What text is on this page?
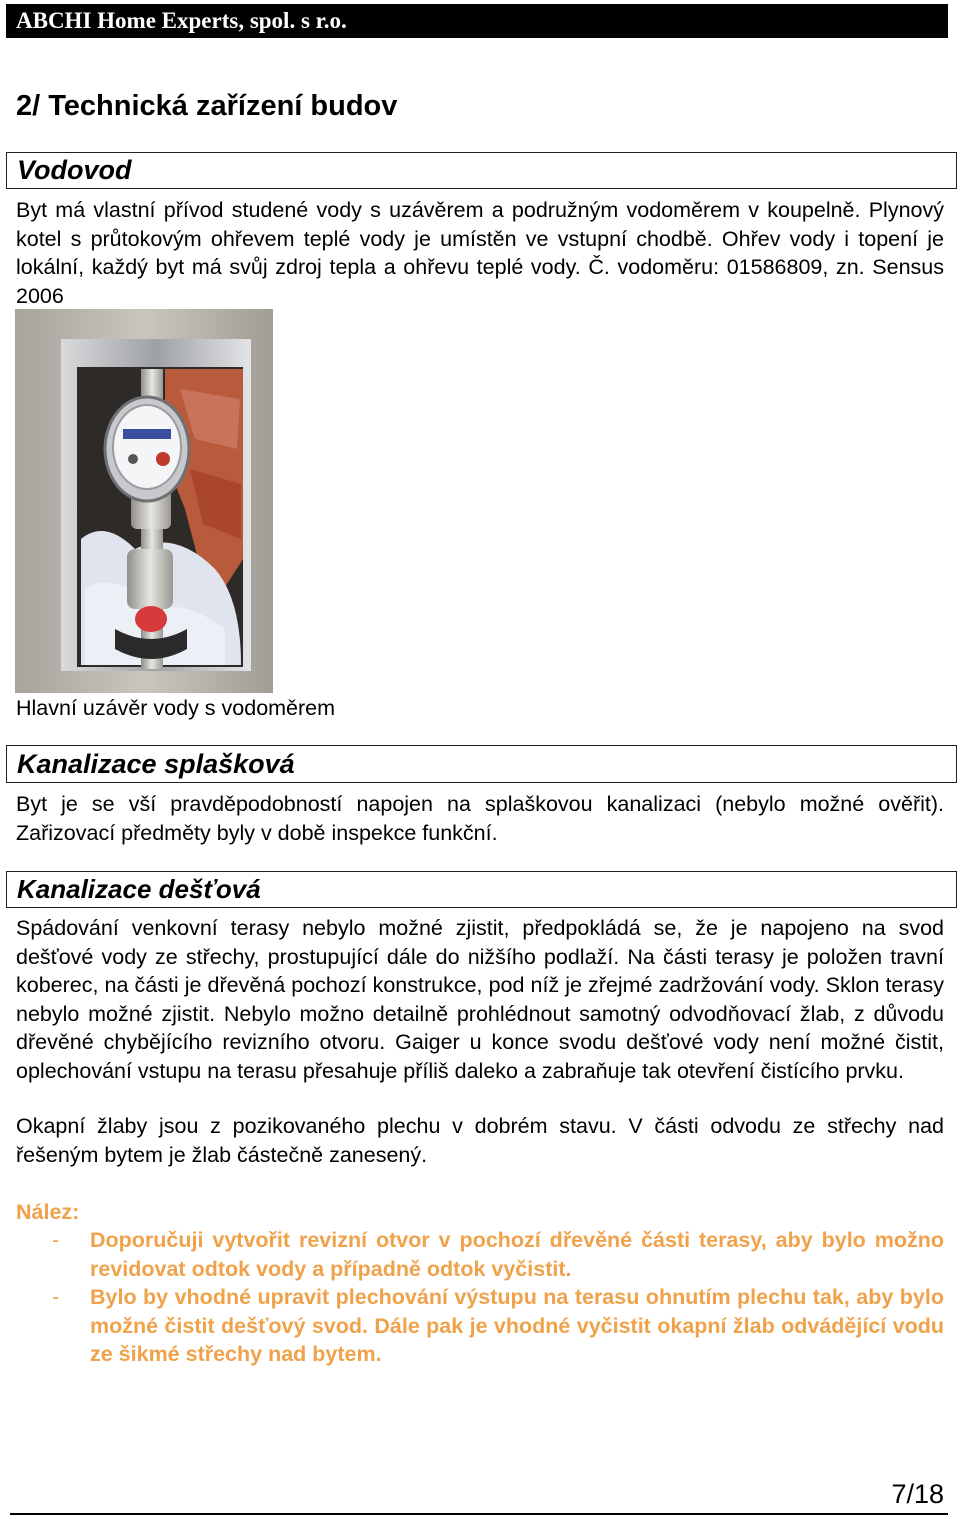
ABCHI Home Experts, spol. s r.o.
2/ Technická zařízení budov
Vodovod

Byt má vlastní přívod studené vody s uzávěrem a podružným vodoměrem v koupelně. Plynový kotel s průtokovým ohřevem teplé vody je umístěn ve vstupní chodbě. Ohřev vody i topení je lokální, každý byt má svůj zdroj tepla a ohřevu teplé vody. Č. vodoměru: 01586809, zn. Sensus 2006

Hlavní uzávěr vody s vodoměrem
Kanalizace splašková

Byt je se vší pravděpodobností napojen na splaškovou kanalizaci (nebylo možné ověřit). Zařizovací předměty byly v době inspekce funkční.

Kanalizace dešťová

Spádování venkovní terasy nebylo možné zjistit, předpokládá se, že je napojeno na svod dešťové vody ze střechy, prostupující dále do nižšího podlaží. Na části terasy je položen travní koberec, na části je dřevěná pochozí konstrukce, pod níž je zřejmé zadržování vody. Sklon terasy nebylo možné zjistit. Nebylo možno detailně prohlédnout samotný odvodňovací žlab, z důvodu dřevěné chybějícího revizního otvoru. Gaiger u konce svodu dešťové vody není možné čistit, oplechování vstupu na terasu přesahuje příliš daleko a zabraňuje tak otevření čistícího prvku.

Okapní žlaby jsou z pozikovaného plechu v dobrém stavu. V části odvodu ze střechy nad řešeným bytem je žlab částečně zanesený.

Nález:
- Doporučuji vytvořit revizní otvor v pochozí dřevěné části terasy, aby bylo možno revidovat odtok vody a případně odtok vyčistit.
- Bylo by vhodné upravit plechování výstupu na terasu ohnutím plechu tak, aby bylo možné čistit dešťový svod. Dále pak je vhodné vyčistit okapní žlab odvádějící vodu ze šikmé střechy nad bytem.
7/18
